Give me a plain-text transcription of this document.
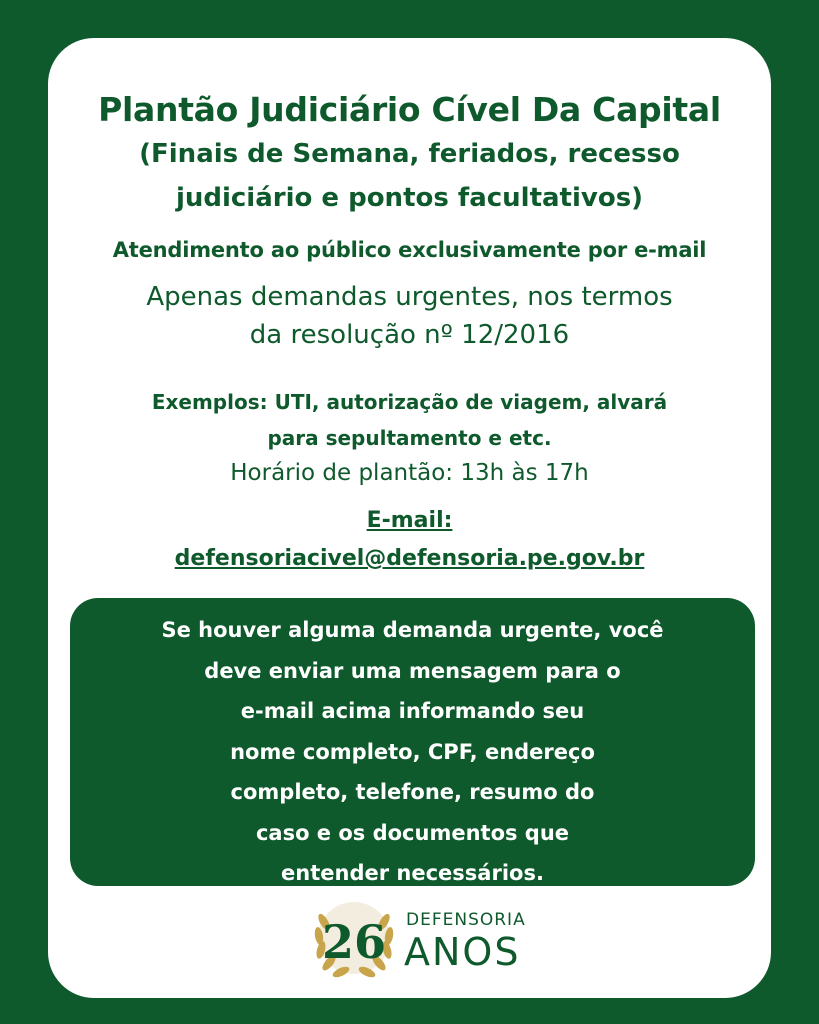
Plantão Judiciário Cível Da Capital
(Finais de Semana, feriados, recesso
judiciário e pontos facultativos)
Atendimento ao público exclusivamente por e-mail
Apenas demandas urgentes, nos termos
da resolução nº 12/2016
Exemplos: UTI, autorização de viagem, alvará
para sepultamento e etc.
Horário de plantão: 13h às 17h
E-mail:
defensoriacivel@defensoria.pe.gov.br
Se houver alguma demanda urgente, você
deve enviar uma mensagem para o
e-mail acima informando seu
nome completo, CPF, endereço
completo, telefone, resumo do
caso e os documentos que
entender necessários.
26 DEFENSORIA
ANOS
